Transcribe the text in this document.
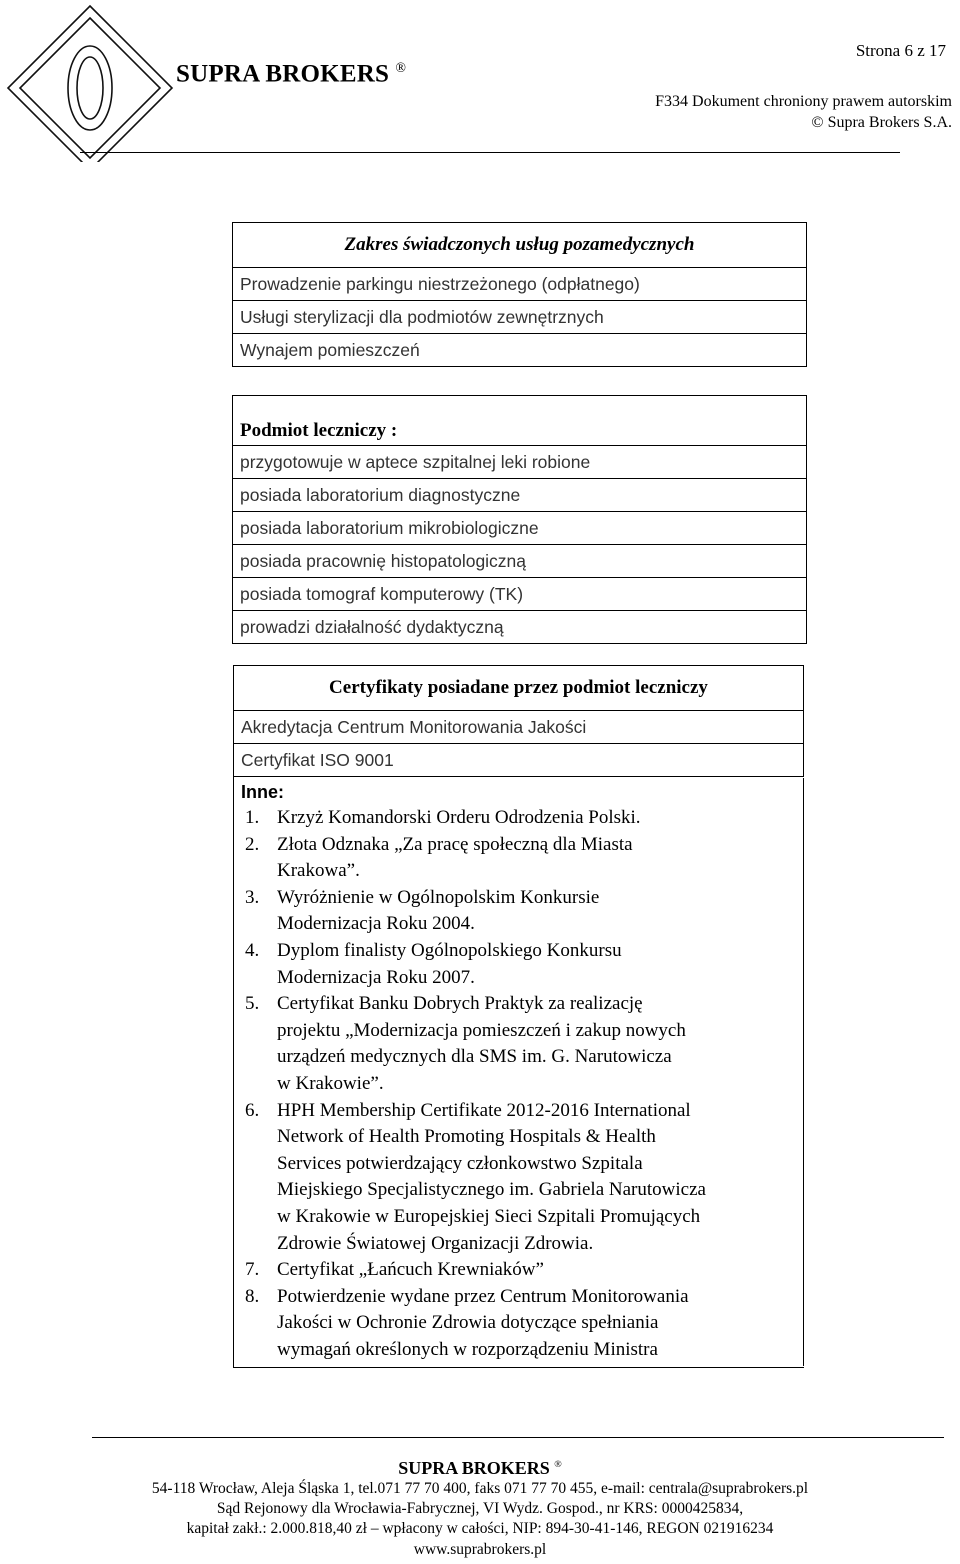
SUPRA BROKERS ®
Strona 6 z 17
F334 Dokument chroniony prawem autorskim
© Supra Brokers S.A.
Zakres świadczonych usług pozamedycznych
Prowadzenie parkingu niestrzeżonego (odpłatnego)
Usługi sterylizacji dla podmiotów zewnętrznych
Wynajem pomieszczeń
Podmiot leczniczy :
przygotowuje w aptece szpitalnej leki robione
posiada laboratorium diagnostyczne
posiada laboratorium mikrobiologiczne
posiada pracownię histopatologiczną
posiada tomograf komputerowy (TK)
prowadzi działalność dydaktyczną
Certyfikaty posiadane przez podmiot leczniczy
Akredytacja Centrum Monitorowania Jakości
Certyfikat ISO 9001

Inne:
1. Krzyż Komandorski Orderu Odrodzenia Polski.
2. Złota Odznaka „Za pracę społeczną dla Miasta
Krakowa”.
3. Wyróżnienie w Ogólnopolskim Konkursie
Modernizacja Roku 2004.
4. Dyplom finalisty Ogólnopolskiego Konkursu
Modernizacja Roku 2007.
5. Certyfikat Banku Dobrych Praktyk za realizację
projektu „Modernizacja pomieszczeń i zakup nowych
urządzeń medycznych dla SMS im. G. Narutowicza
w Krakowie”.
6. HPH Membership Certifikate 2012-2016 International
Network of Health Promoting Hospitals & Health
Services potwierdzający członkowstwo Szpitala
Miejskiego Specjalistycznego im. Gabriela Narutowicza
w Krakowie w Europejskiej Sieci Szpitali Promujących
Zdrowie Światowej Organizacji Zdrowia.
7. Certyfikat „Łańcuch Krewniaków”
8. Potwierdzenie wydane przez Centrum Monitorowania
Jakości w Ochronie Zdrowia dotyczące spełniania
wymagań określonych w rozporządzeniu Ministra
SUPRA BROKERS ®
54-118 Wrocław, Aleja Śląska 1, tel.071 77 70 400, faks 071 77 70 455, e-mail: centrala@suprabrokers.pl
Sąd Rejonowy dla Wrocławia-Fabrycznej, VI Wydz. Gospod., nr KRS: 0000425834,
kapitał zakł.: 2.000.818,40 zł – wpłacony w całości, NIP: 894-30-41-146, REGON 021916234
www.suprabrokers.pl
